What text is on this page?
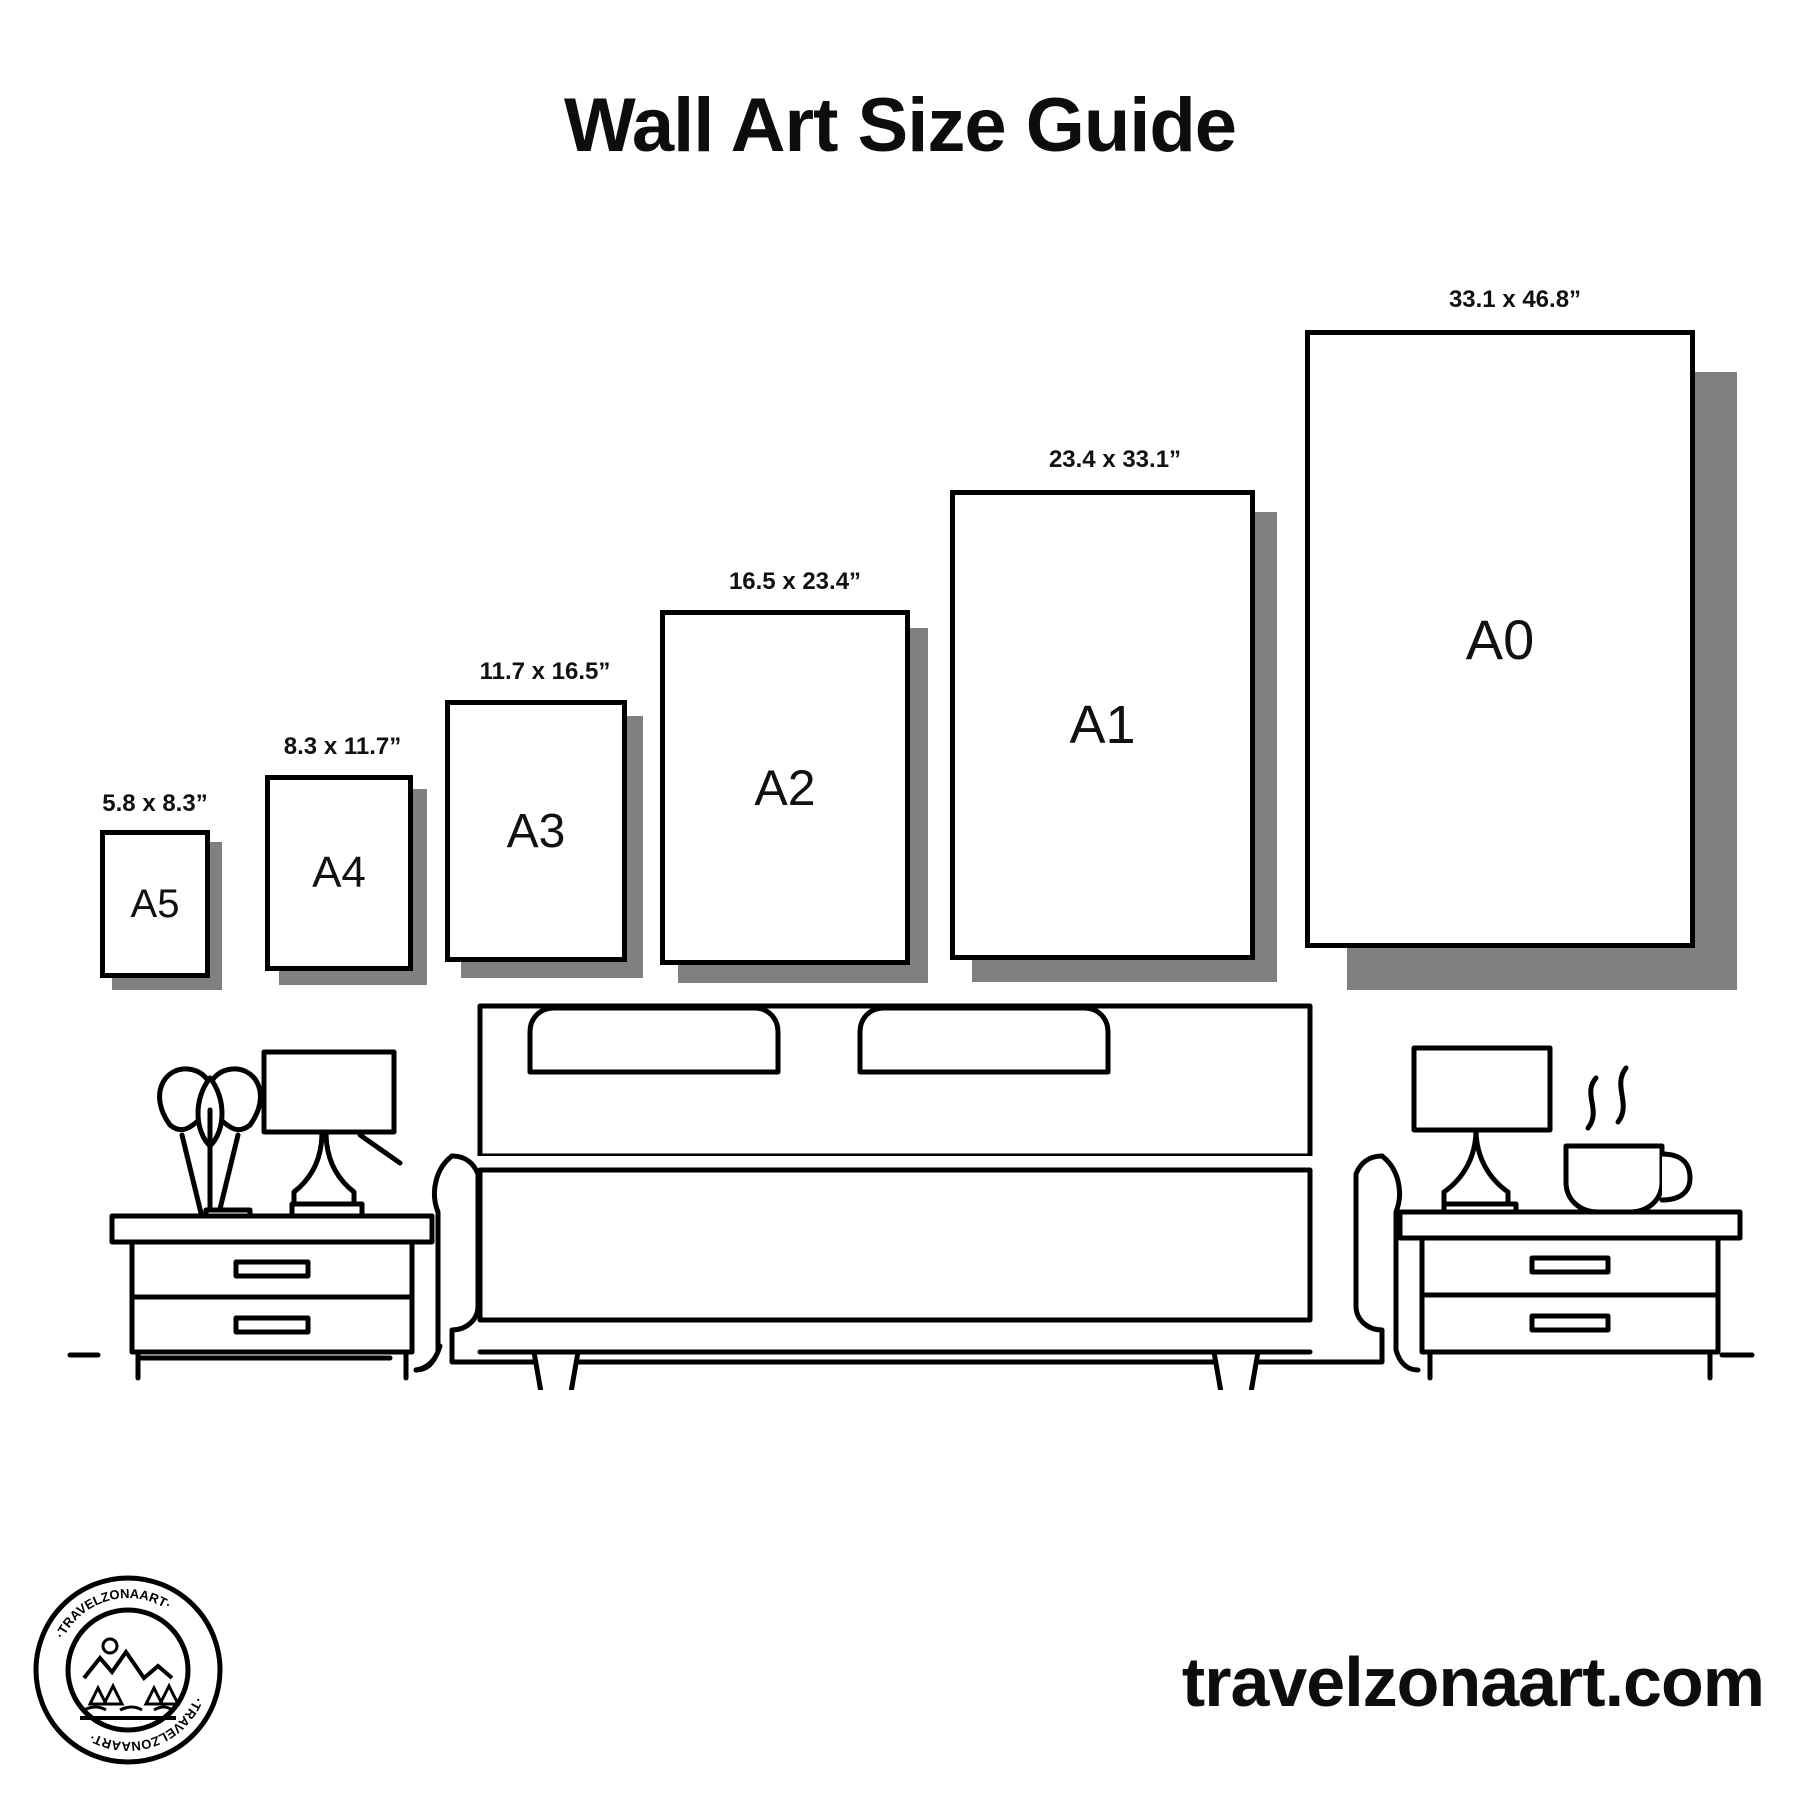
Wall Art Size Guide
5.8 x 8.3”
A5
8.3 x 11.7”
A4
11.7 x 16.5”
A3
16.5 x 23.4”
A2
23.4 x 33.1”
A1
33.1 x 46.8”
A0
·TRAVELZONAART·
·TRAVELZONAART·
travelzonaart.com
